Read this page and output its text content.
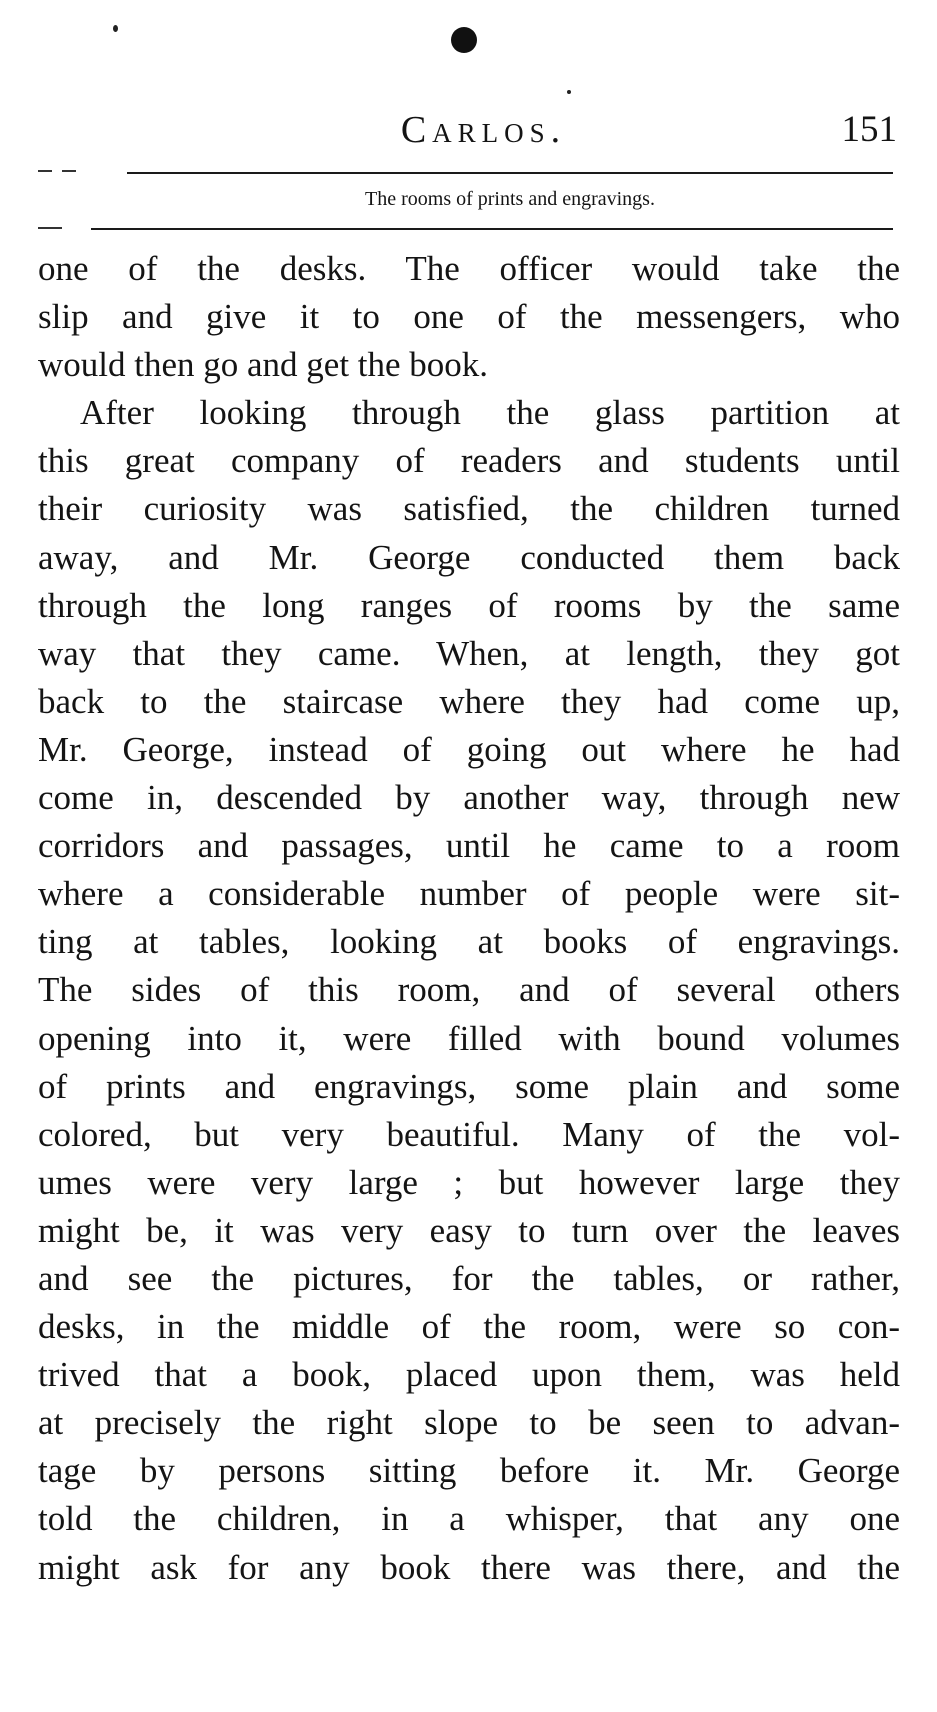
Carlos.	151
The rooms of prints and engravings.
one of the desks. The officer would take the
slip and give it to one of the messengers, who
would then go and get the book.
After looking through the glass partition at
this great company of readers and students until
their curiosity was satisfied, the children turned
away, and Mr. George conducted them back
through the long ranges of rooms by the same
way that they came. When, at length, they got
back to the staircase where they had come up,
Mr. George, instead of going out where he had
come in, descended by another way, through new
corridors and passages, until he came to a room
where a considerable number of people were sit-
ting at tables, looking at books of engravings.
The sides of this room, and of several others
opening into it, were filled with bound volumes
of prints and engravings, some plain and some
colored, but very beautiful. Many of the vol-
umes were very large ; but however large they
might be, it was very easy to turn over the leaves
and see the pictures, for the tables, or rather,
desks, in the middle of the room, were so con-
trived that a book, placed upon them, was held
at precisely the right slope to be seen to advan-
tage by persons sitting before it. Mr. George
told the children, in a whisper, that any one
might ask for any book there was there, and the
